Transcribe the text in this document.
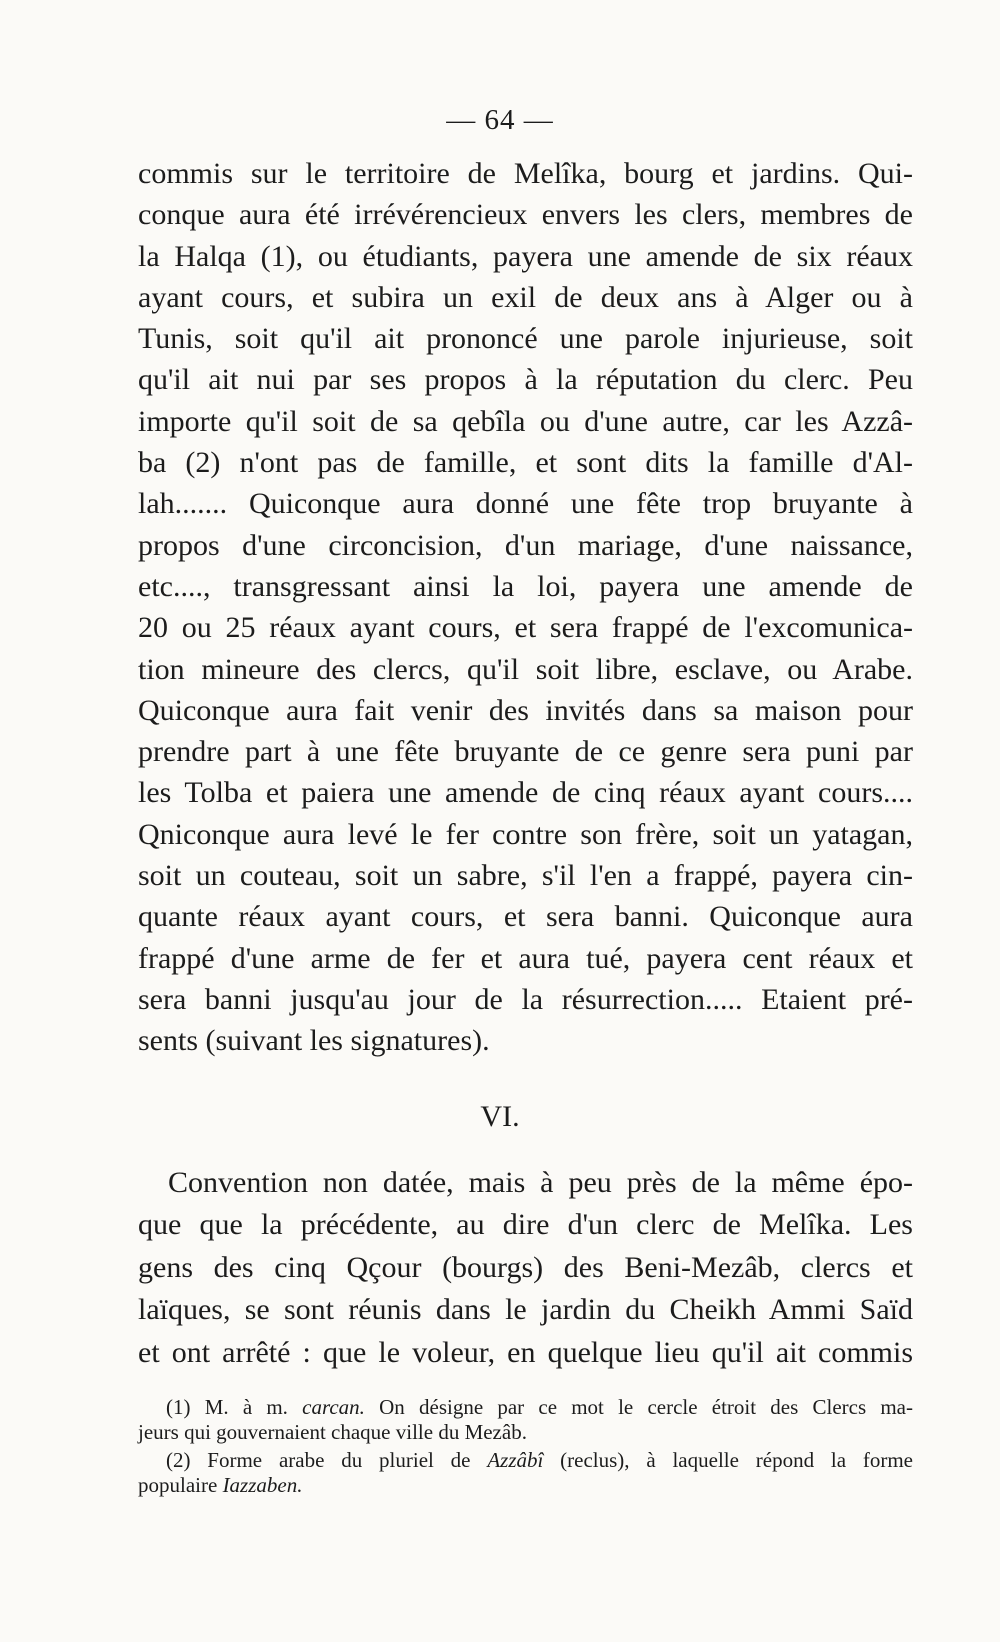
— 64 —
commis sur le territoire de Melîka, bourg et jardins. Qui-
conque aura été irrévérencieux envers les clers, membres de
la Halqa (1), ou étudiants, payera une amende de six réaux
ayant cours, et subira un exil de deux ans à Alger ou à
Tunis, soit qu'il ait prononcé une parole injurieuse, soit
qu'il ait nui par ses propos à la réputation du clerc. Peu
importe qu'il soit de sa qebîla ou d'une autre, car les Azzâ-
ba (2) n'ont pas de famille, et sont dits la famille d'Al-
lah....... Quiconque aura donné une fête trop bruyante à
propos d'une circoncision, d'un mariage, d'une naissance,
etc...., transgressant ainsi la loi, payera une amende de
20 ou 25 réaux ayant cours, et sera frappé de l'excomunica-
tion mineure des clercs, qu'il soit libre, esclave, ou Arabe.
Quiconque aura fait venir des invités dans sa maison pour
prendre part à une fête bruyante de ce genre sera puni par
les Tolba et paiera une amende de cinq réaux ayant cours....
Qniconque aura levé le fer contre son frère, soit un yatagan,
soit un couteau, soit un sabre, s'il l'en a frappé, payera cin-
quante réaux ayant cours, et sera banni. Quiconque aura
frappé d'une arme de fer et aura tué, payera cent réaux et
sera banni jusqu'au jour de la résurrection..... Etaient pré-
sents (suivant les signatures).
VI.
Convention non datée, mais à peu près de la même épo-
que que la précédente, au dire d'un clerc de Melîka. Les
gens des cinq Qçour (bourgs) des Beni-Mezâb, clercs et
laïques, se sont réunis dans le jardin du Cheikh Ammi Saïd
et ont arrêté : que le voleur, en quelque lieu qu'il ait commis
(1) M. à m. carcan. On désigne par ce mot le cercle étroit des Clercs ma-
jeurs qui gouvernaient chaque ville du Mezâb.
(2) Forme arabe du pluriel de Azzâbî (reclus), à laquelle répond la forme
populaire Iazzaben.
